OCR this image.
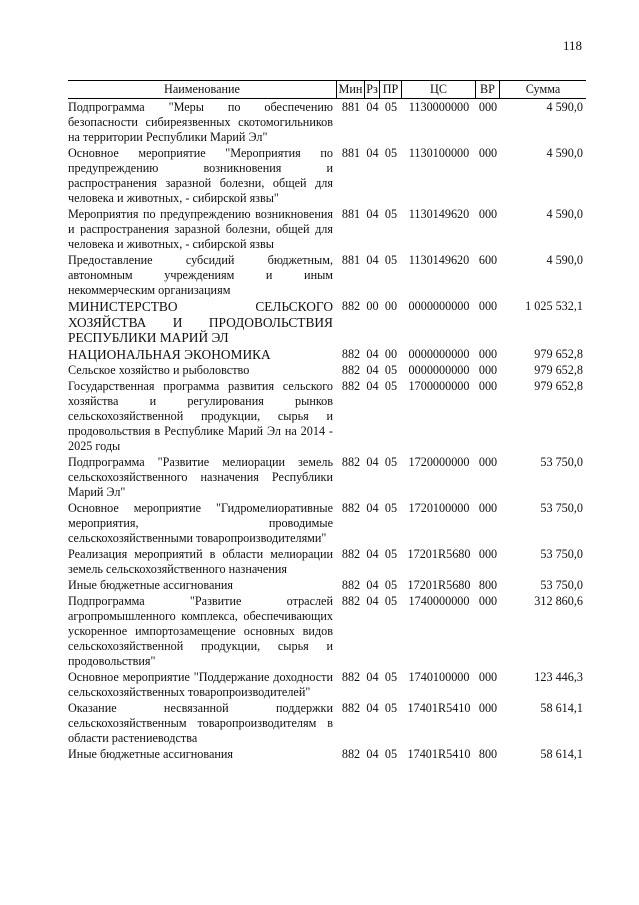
118
Наименование	Мин Рз ПР	ЦС	ВР	Сумма
Подпрограмма "Меры по обеспечению безопасности сибиреязвенных скотомогильников на территории Республики Марий Эл"
881 04 05 1130000000 000	4 590,0
Основное мероприятие "Мероприятия по предупреждению возникновения и распространения заразной болезни, общей для человека и животных, - сибирской язвы"
881 04 05 1130100000 000	4 590,0
Мероприятия по предупреждению возникновения и распространения заразной болезни, общей для человека и животных, - сибирской язвы
881 04 05 1130149620 000	4 590,0
Предоставление субсидий бюджетным, автономным учреждениям и иным некоммерческим организациям
881 04 05 1130149620 600	4 590,0
МИНИСТЕРСТВО СЕЛЬСКОГО ХОЗЯЙСТВА И ПРОДОВОЛЬСТВИЯ РЕСПУБЛИКИ МАРИЙ ЭЛ
882 00 00 0000000000 000	1 025 532,1
НАЦИОНАЛЬНАЯ ЭКОНОМИКА	882 04 00 0000000000 000	979 652,8
Сельское хозяйство и рыболовство	882 04 05 0000000000 000	979 652,8
Государственная программа развития сельского хозяйства и регулирования рынков сельскохозяйственной продукции, сырья и продовольствия в Республике Марий Эл на 2014 - 2025 годы
882 04 05 1700000000 000	979 652,8
Подпрограмма "Развитие мелиорации земель сельскохозяйственного назначения Республики Марий Эл"
882 04 05 1720000000 000	53 750,0
Основное мероприятие "Гидромелиоративные мероприятия, проводимые сельскохозяйственными товаропроизводителями"
882 04 05 1720100000 000	53 750,0
Реализация мероприятий в области мелиорации земель сельскохозяйственного назначения
882 04 05 17201R5680 000	53 750,0
Иные бюджетные ассигнования	882 04 05 17201R5680 800	53 750,0
Подпрограмма "Развитие отраслей агропромышленного комплекса, обеспечивающих ускоренное импортозамещение основных видов сельскохозяйственной продукции, сырья и продовольствия"
882 04 05 1740000000 000	312 860,6
Основное мероприятие "Поддержание доходности сельскохозяйственных товаропроизводителей"
882 04 05 1740100000 000	123 446,3
Оказание несвязанной поддержки сельскохозяйственным товаропроизводителям в области растениеводства
882 04 05 17401R5410 000	58 614,1
Иные бюджетные ассигнования	882 04 05 17401R5410 800	58 614,1
